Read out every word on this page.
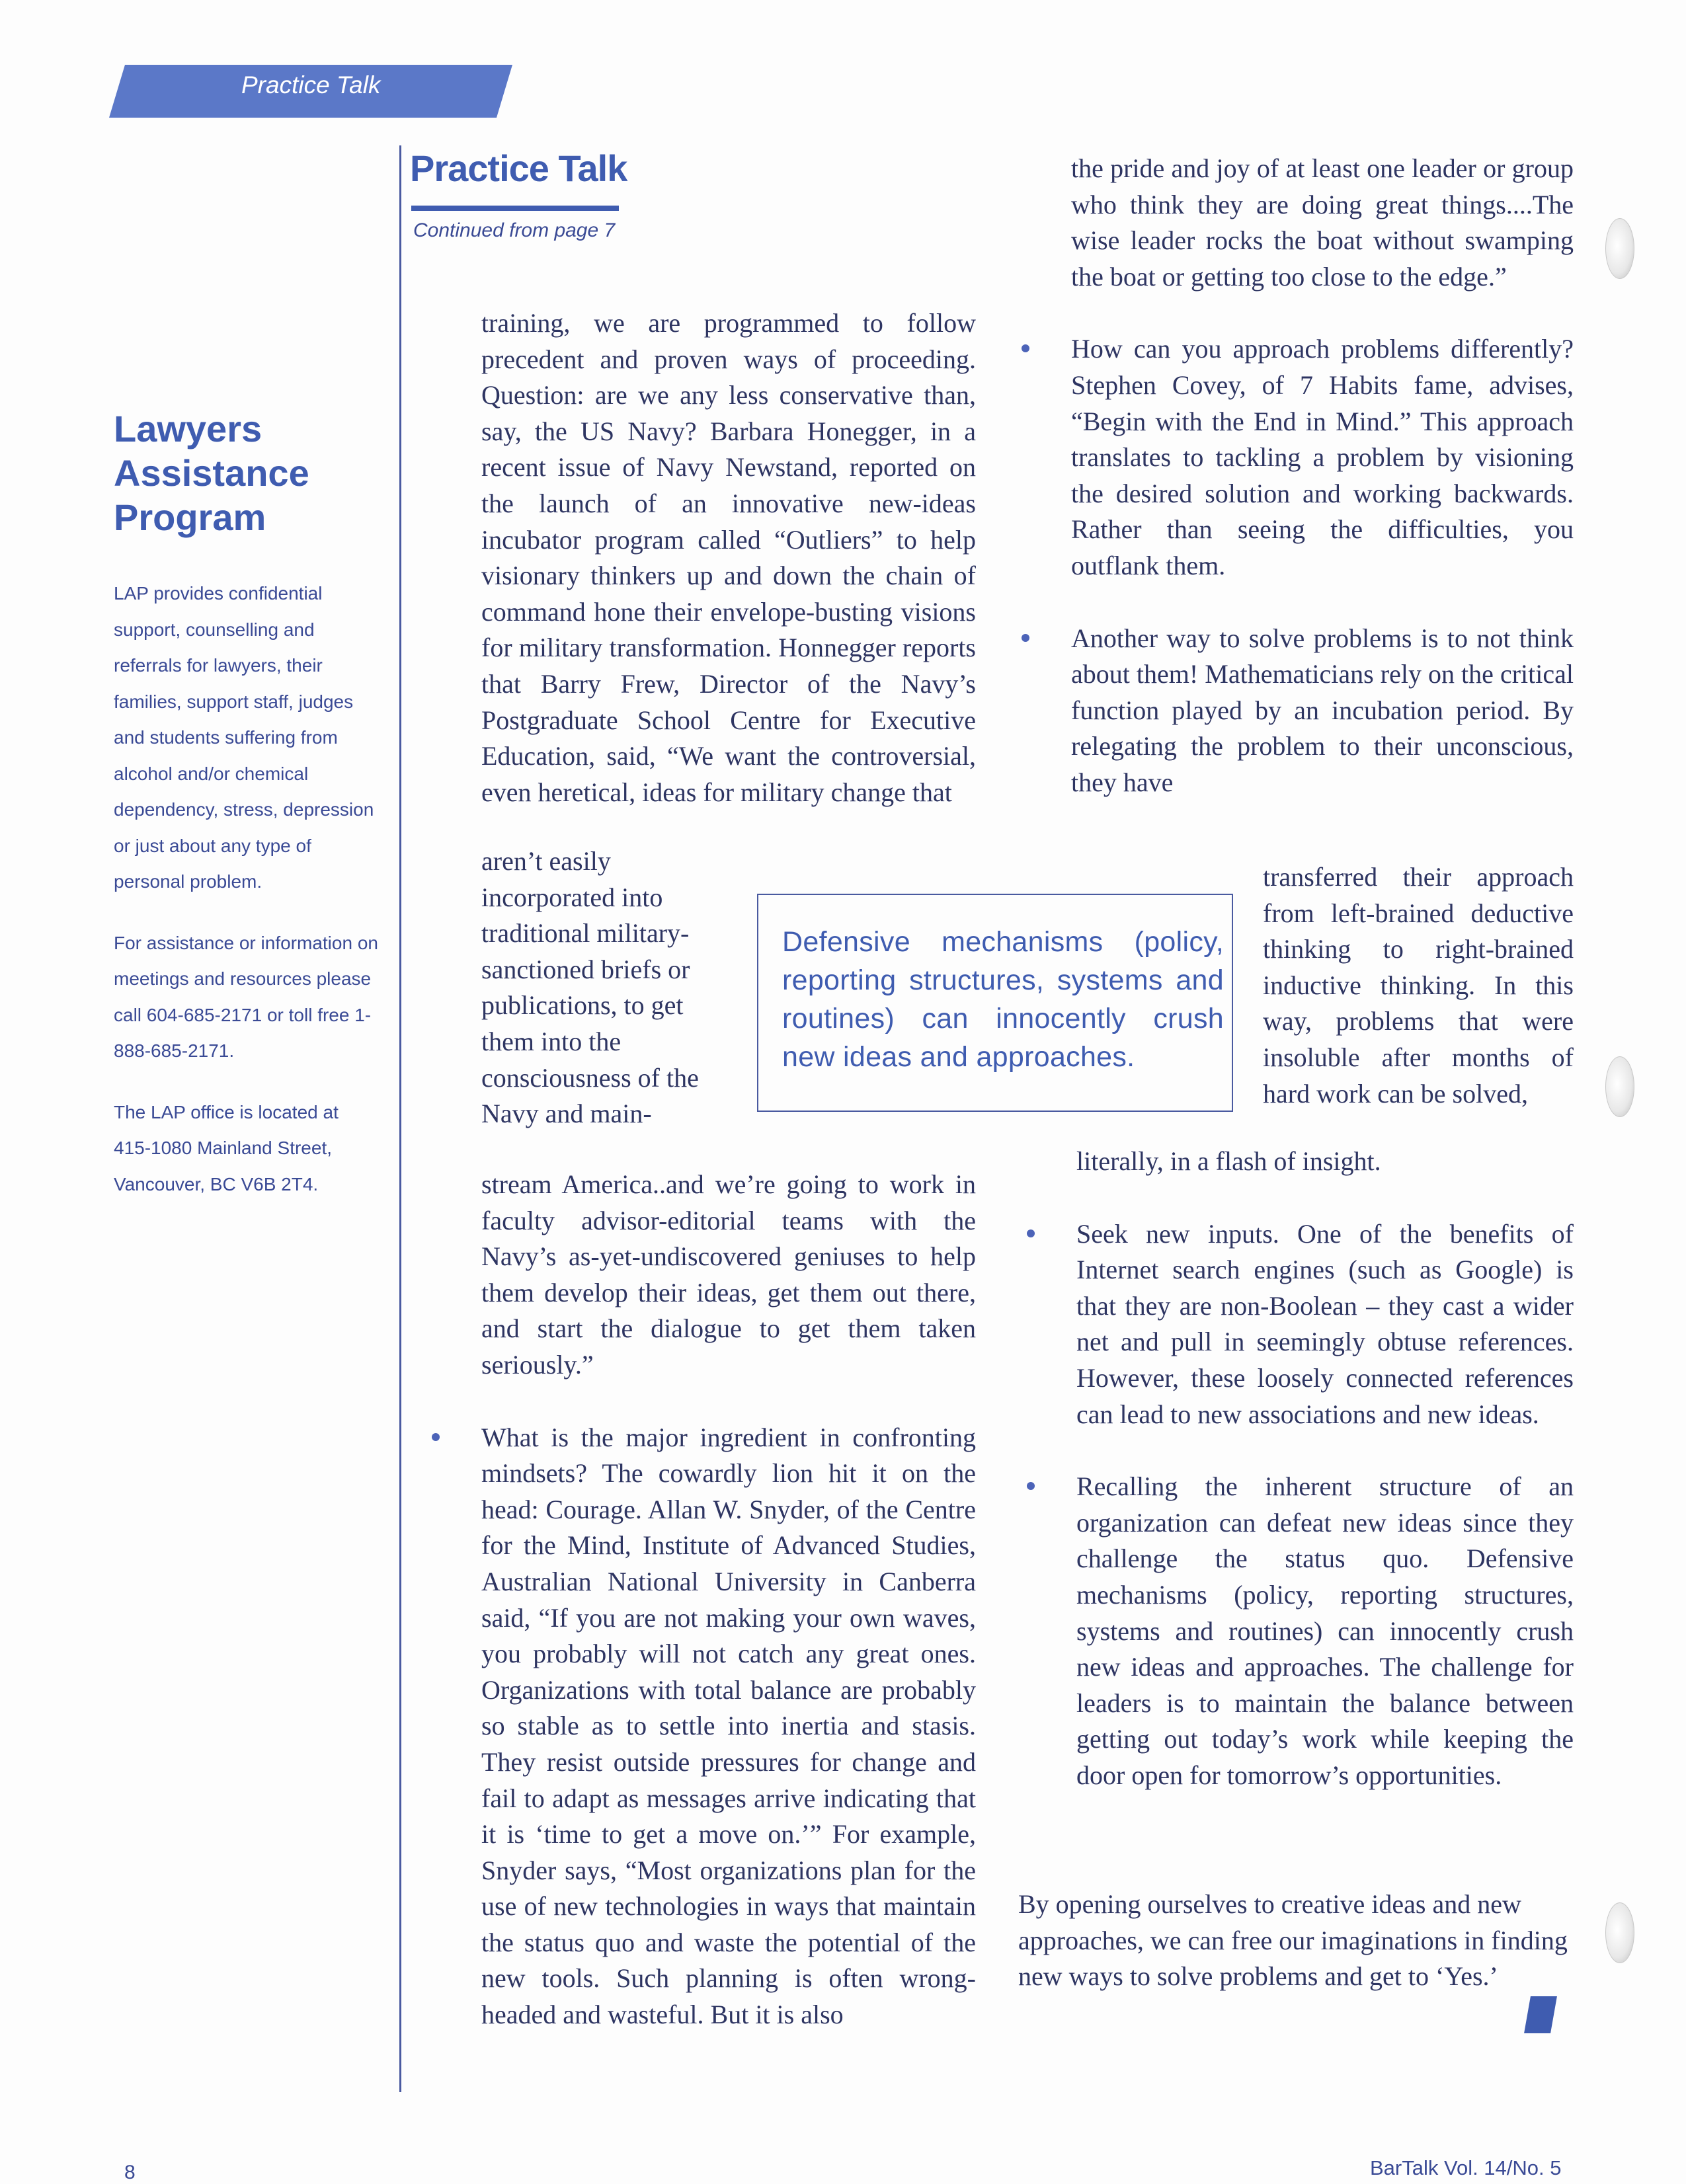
Practice Talk
Lawyers Assistance Program

LAP provides confidential support, counselling and referrals for lawyers, their families, support staff, judges and students suffering from alcohol and/or chemical dependency, stress, depression or just about any type of personal problem.

For assistance or information on meetings and resources please call 604-685-2171 or toll free 1-888-685-2171.

The LAP office is located at 415-1080 Mainland Street, Vancouver, BC V6B 2T4.

Practice Talk
Continued from page 7

training, we are programmed to follow precedent and proven ways of proceeding. Question: are we any less conservative than, say, the US Navy? Barbara Honegger, in a recent issue of Navy Newstand, reported on the launch of an innovative new-ideas incubator program called “Outliers” to help visionary thinkers up and down the chain of command hone their envelope-busting visions for military transformation. Honnegger reports that Barry Frew, Director of the Navy’s Postgraduate School Centre for Executive Education, said, “We want the controversial, even heretical, ideas for military change that

aren’t easily incorporated into traditional military-sanctioned briefs or publications, to get them into the consciousness of the Navy and main-

stream America..and we’re going to work in faculty advisor-editorial teams with the Navy’s as-yet-undiscovered geniuses to help them develop their ideas, get them out there, and start the dialogue to get them taken seriously.”

What is the major ingredient in confronting mindsets? The cowardly lion hit it on the head: Courage. Allan W. Snyder, of the Centre for the Mind, Institute of Advanced Studies, Australian National University in Canberra said, “If you are not making your own waves, you probably will not catch any great ones. Organizations with total balance are probably so stable as to settle into inertia and stasis. They resist outside pressures for change and fail to adapt as messages arrive indicating that it is ‘time to get a move on.’” For example, Snyder says, “Most organizations plan for the use of new technologies in ways that maintain the status quo and waste the potential of the new tools. Such planning is often wrong-headed and wasteful. But it is also

Defensive mechanisms (policy, reporting structures, systems and routines) can innocently crush new ideas and approaches.

the pride and joy of at least one leader or group who think they are doing great things....The wise leader rocks the boat without swamping the boat or getting too close to the edge.”

How can you approach problems differently? Stephen Covey, of 7 Habits fame, advises, “Begin with the End in Mind.” This approach translates to tackling a problem by visioning the desired solution and working backwards. Rather than seeing the difficulties, you outflank them.

Another way to solve problems is to not think about them! Mathematicians rely on the critical function played by an incubation period. By relegating the problem to their unconscious, they have

transferred their approach from left-brained deductive thinking to right-brained inductive thinking. In this way, problems that were insoluble after months of hard work can be solved,

literally, in a flash of insight.

Seek new inputs. One of the benefits of Internet search engines (such as Google) is that they are non-Boolean – they cast a wider net and pull in seemingly obtuse references. However, these loosely connected references can lead to new associations and new ideas.

Recalling the inherent structure of an organization can defeat new ideas since they challenge the status quo. Defensive mechanisms (policy, reporting structures, systems and routines) can innocently crush new ideas and approaches. The challenge for leaders is to maintain the balance between getting out today’s work while keeping the door open for tomorrow’s opportunities.

By opening ourselves to creative ideas and new approaches, we can free our imaginations in finding new ways to solve problems and get to ‘Yes.’

8	BarTalk Vol. 14/No. 5
